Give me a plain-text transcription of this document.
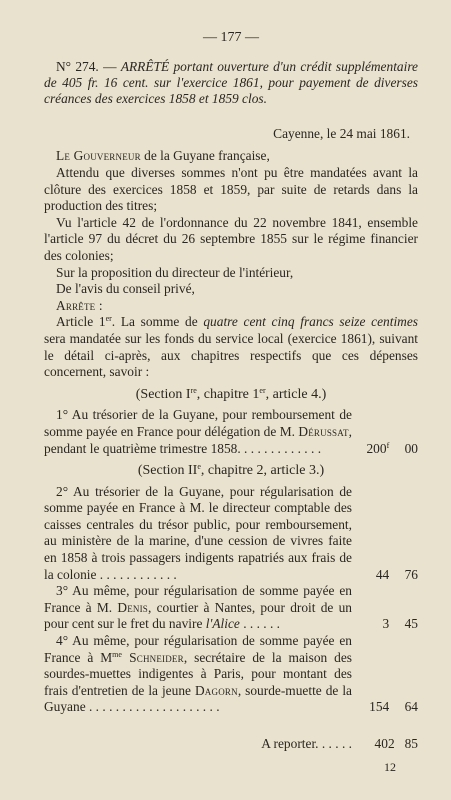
— 177 —
N° 274. — ARRÊTÉ portant ouverture d'un crédit supplémentaire de 405 fr. 16 cent. sur l'exercice 1861, pour payement de diverses créances des exercices 1858 et 1859 clos.
Cayenne, le 24 mai 1861.
Le Gouverneur de la Guyane française,
Attendu que diverses sommes n'ont pu être mandatées avant la clôture des exercices 1858 et 1859, par suite de retards dans la production des titres;
Vu l'article 42 de l'ordonnance du 22 novembre 1841, ensemble l'article 97 du décret du 26 septembre 1855 sur le régime financier des colonies;
Sur la proposition du directeur de l'intérieur,
De l'avis du conseil privé,
Arrête :
Article 1er. La somme de quatre cent cinq francs seize centimes sera mandatée sur les fonds du service local (exercice 1861), suivant le détail ci-après, aux chapitres respectifs que ces dépenses concernent, savoir :
(Section Ire, chapitre 1er, article 4.)
1° Au trésorier de la Guyane, pour remboursement de somme payée en France pour délégation de M. Dérussat, pendant le quatrième trimestre 1858. . . . . . . . . . . . .	200$^f$ 00
(Section IIe, chapitre 2, article 3.)
2° Au trésorier de la Guyane, pour régularisation de somme payée en France à M. le directeur comptable des caisses centrales du trésor public, pour remboursement, au ministère de la marine, d'une cession de vivres faite en 1858 à trois passagers indigents rapatriés aux frais de la colonie . . . . . . . . . . . .	44 76
3° Au même, pour régularisation de somme payée en France à M. Denis, courtier à Nantes, pour droit de un pour cent sur le fret du navire l'Alice . . . . . .	3 45
4° Au même, pour régularisation de somme payée en France à $M^{me}$ Schneider, secrétaire de la maison des sourdes-muettes indigentes à Paris, pour montant des frais d'entretien de la jeune Dagorn, sourde-muette de la Guyane . . . . . . . . . . . . . . . . . . . .	154 64
A reporter. . . . . . 402 85
12
